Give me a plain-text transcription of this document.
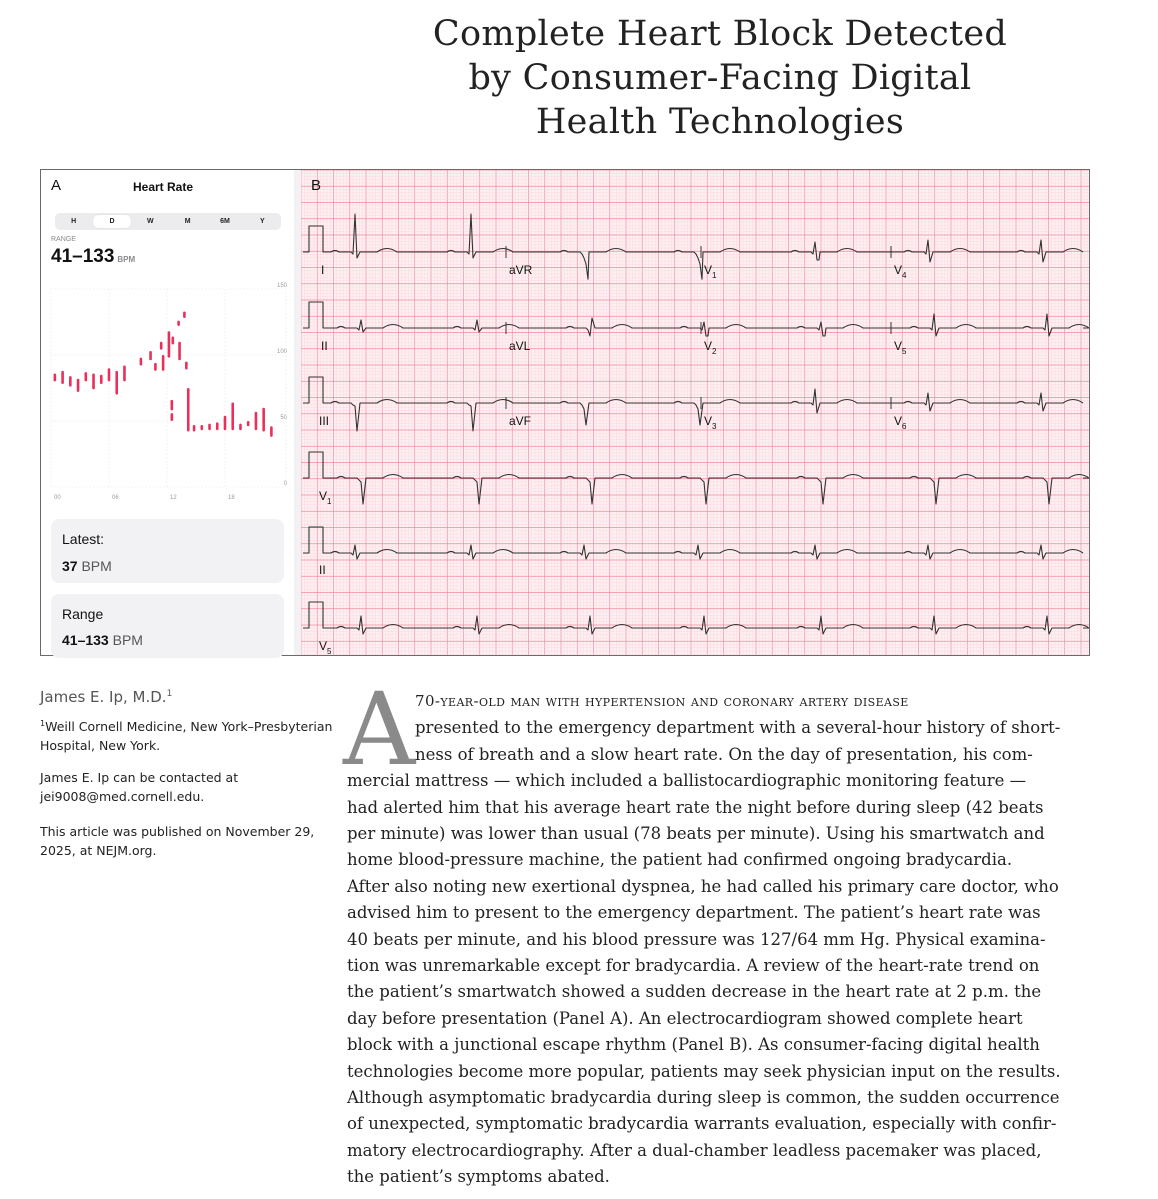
Complete Heart Block Detected
by Consumer-Facing Digital
Health Technologies
A	Heart Rate
H	D	W	M	6M	Y
RANGE
41–133 BPM
150
100
50
0
00	06	12	18
Latest:
37 BPM
Range
41–133 BPM
I	aVR	$V_1$	$V_4$
II	aVL	$V_2$	$V_5$
III	aVF	$V_3$	$V_6$
$V_1$
II
$V_5$
B
James E. Ip, M.D.$^1$
$^1$Weill Cornell Medicine, New York–Presbyterian Hospital, New York.
James E. Ip can be contacted at jei9008@med.cornell.edu.
This article was published on November 29, 2025, at NEJM.org.
A 70-year-old man with hypertension and coronary artery disease
presented to the emergency department with a several-hour history of short-
ness of breath and a slow heart rate. On the day of presentation, his com-
mercial mattress — which included a ballistocardiographic monitoring feature —
had alerted him that his average heart rate the night before during sleep (42 beats
per minute) was lower than usual (78 beats per minute). Using his smartwatch and
home blood-pressure machine, the patient had confirmed ongoing bradycardia.
After also noting new exertional dyspnea, he had called his primary care doctor, who
advised him to present to the emergency department. The patient’s heart rate was
40 beats per minute, and his blood pressure was 127/64 mm Hg. Physical examina-
tion was unremarkable except for bradycardia. A review of the heart-rate trend on
the patient’s smartwatch showed a sudden decrease in the heart rate at 2 p.m. the
day before presentation (Panel A). An electrocardiogram showed complete heart
block with a junctional escape rhythm (Panel B). As consumer-facing digital health
technologies become more popular, patients may seek physician input on the results.
Although asymptomatic bradycardia during sleep is common, the sudden occurrence
of unexpected, symptomatic bradycardia warrants evaluation, especially with confir-
matory electrocardiography. After a dual-chamber leadless pacemaker was placed,
the patient’s symptoms abated.
